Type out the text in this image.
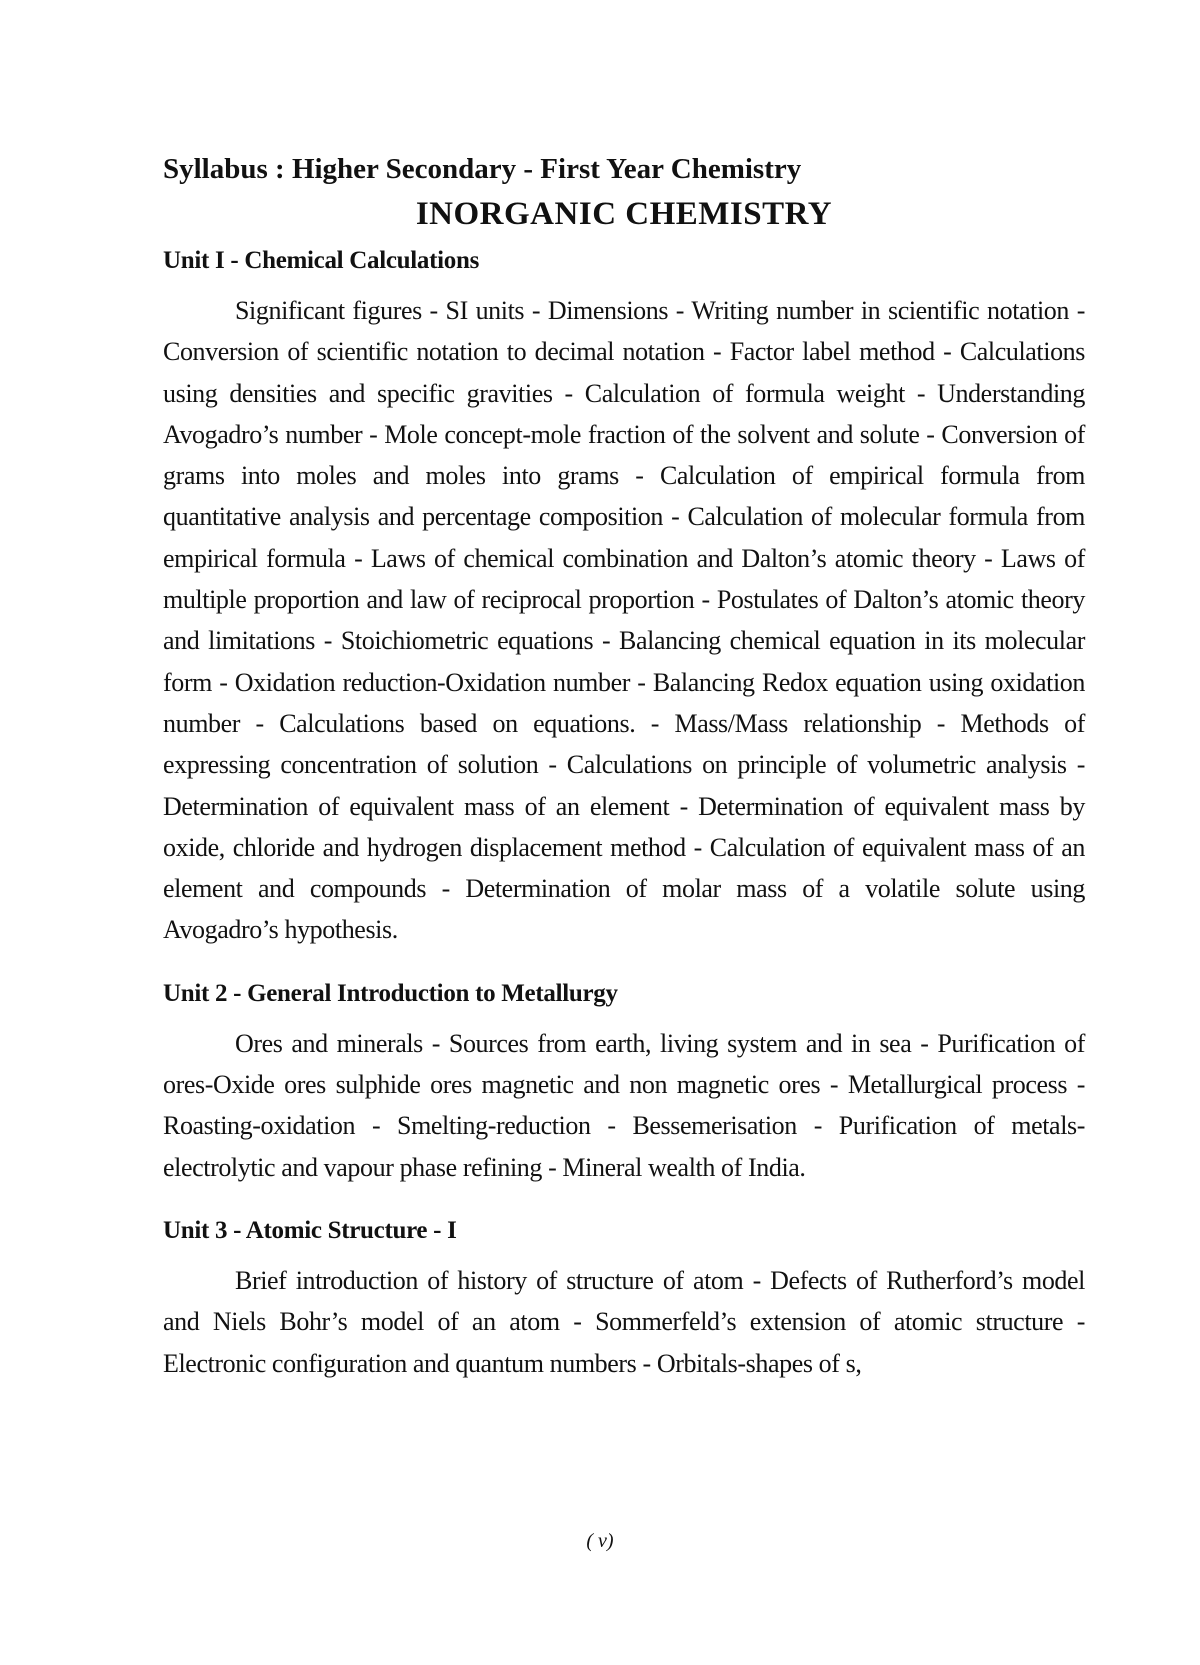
Syllabus : Higher Secondary - First Year Chemistry
INORGANIC CHEMISTRY
Unit I - Chemical Calculations

Significant figures - SI units - Dimensions - Writing number in scientific notation - Conversion of scientific notation to decimal notation - Factor label method - Calculations using densities and specific gravities - Calculation of formula weight - Understanding Avogadro’s number - Mole concept-mole fraction of the solvent and solute - Conversion of grams into moles and moles into grams - Calculation of empirical formula from quantitative analysis and percentage composition - Calculation of molecular formula from empirical formula - Laws of chemical combination and Dalton’s atomic theory - Laws of multiple proportion and law of reciprocal proportion - Postulates of Dalton’s atomic theory and limitations - Stoichiometric equations - Balancing chemical equation in its molecular form - Oxidation reduction-Oxidation number - Balancing Redox equation using oxidation number - Calculations based on equations. - Mass/Mass relationship - Methods of expressing concentration of solution - Calculations on principle of volumetric analysis - Determination of equivalent mass of an element - Determination of equivalent mass by oxide, chloride and hydrogen displacement method - Calculation of equivalent mass of an element and compounds - Determination of molar mass of a volatile solute using Avogadro’s hypothesis.

Unit 2 - General Introduction to Metallurgy

Ores and minerals - Sources from earth, living system and in sea - Purification of ores-Oxide ores sulphide ores magnetic and non magnetic ores - Metallurgical process - Roasting-oxidation - Smelting-reduction - Bessemerisation - Purification of metals-electrolytic and vapour phase refining - Mineral wealth of India.

Unit 3 - Atomic Structure - I

Brief introduction of history of structure of atom - Defects of Rutherford’s model and Niels Bohr’s model of an atom - Sommerfeld’s extension of atomic structure - Electronic configuration and quantum numbers - Orbitals-shapes of s,

( v)
